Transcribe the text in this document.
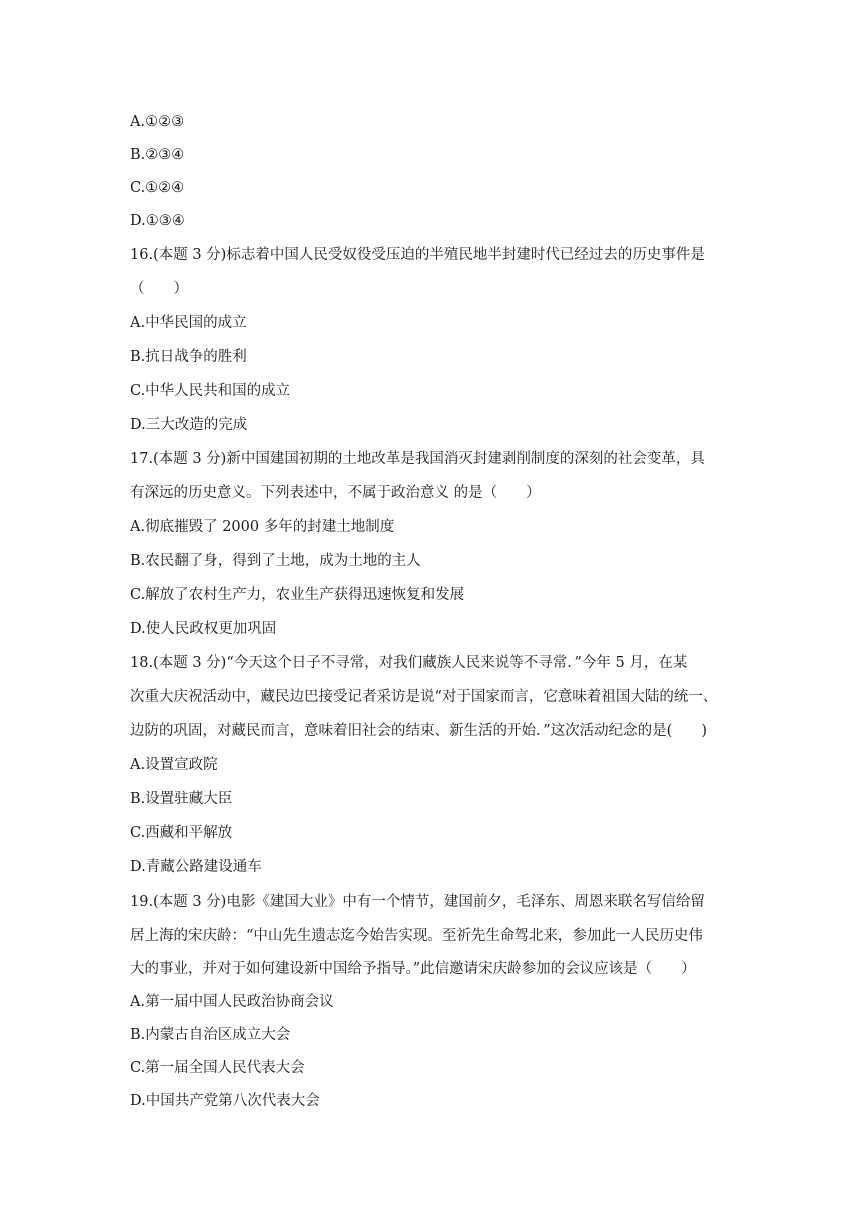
A.①②③
B.②③④
C.①②④
D.①③④
16.(本题 3 分)标志着中国人民受奴役受压迫的半殖民地半封建时代已经过去的历史事件是
（　　）
A.中华民国的成立
B.抗日战争的胜利
C.中华人民共和国的成立
D.三大改造的完成
17.(本题 3 分)新中国建国初期的土地改革是我国消灭封建剥削制度的深刻的社会变革，具
有深远的历史意义。下列表述中，不属于政治意义 的是（　　）
A.彻底摧毁了 2000 多年的封建土地制度
B.农民翻了身，得到了土地，成为土地的主人
C.解放了农村生产力，农业生产获得迅速恢复和发展
D.使人民政权更加巩固
18.(本题 3 分)“今天这个日子不寻常，对我们藏族人民来说等不寻常．”今年 5 月，在某
次重大庆祝活动中，藏民边巴接受记者采访是说“对于国家而言，它意味着祖国大陆的统一、
边防的巩固，对藏民而言，意味着旧社会的结束、新生活的开始．”这次活动纪念的是(　　)
A.设置宣政院
B.设置驻藏大臣
C.西藏和平解放
D.青藏公路建设通车
19.(本题 3 分)电影《建国大业》中有一个情节，建国前夕，毛泽东、周恩来联名写信给留
居上海的宋庆龄：“中山先生遗志迄今始告实现。至祈先生命驾北来，参加此一人民历史伟
大的事业，并对于如何建设新中国给予指导。”此信邀请宋庆龄参加的会议应该是（　　）
A.第一届中国人民政治协商会议
B.内蒙古自治区成立大会
C.第一届全国人民代表大会
D.中国共产党第八次代表大会
